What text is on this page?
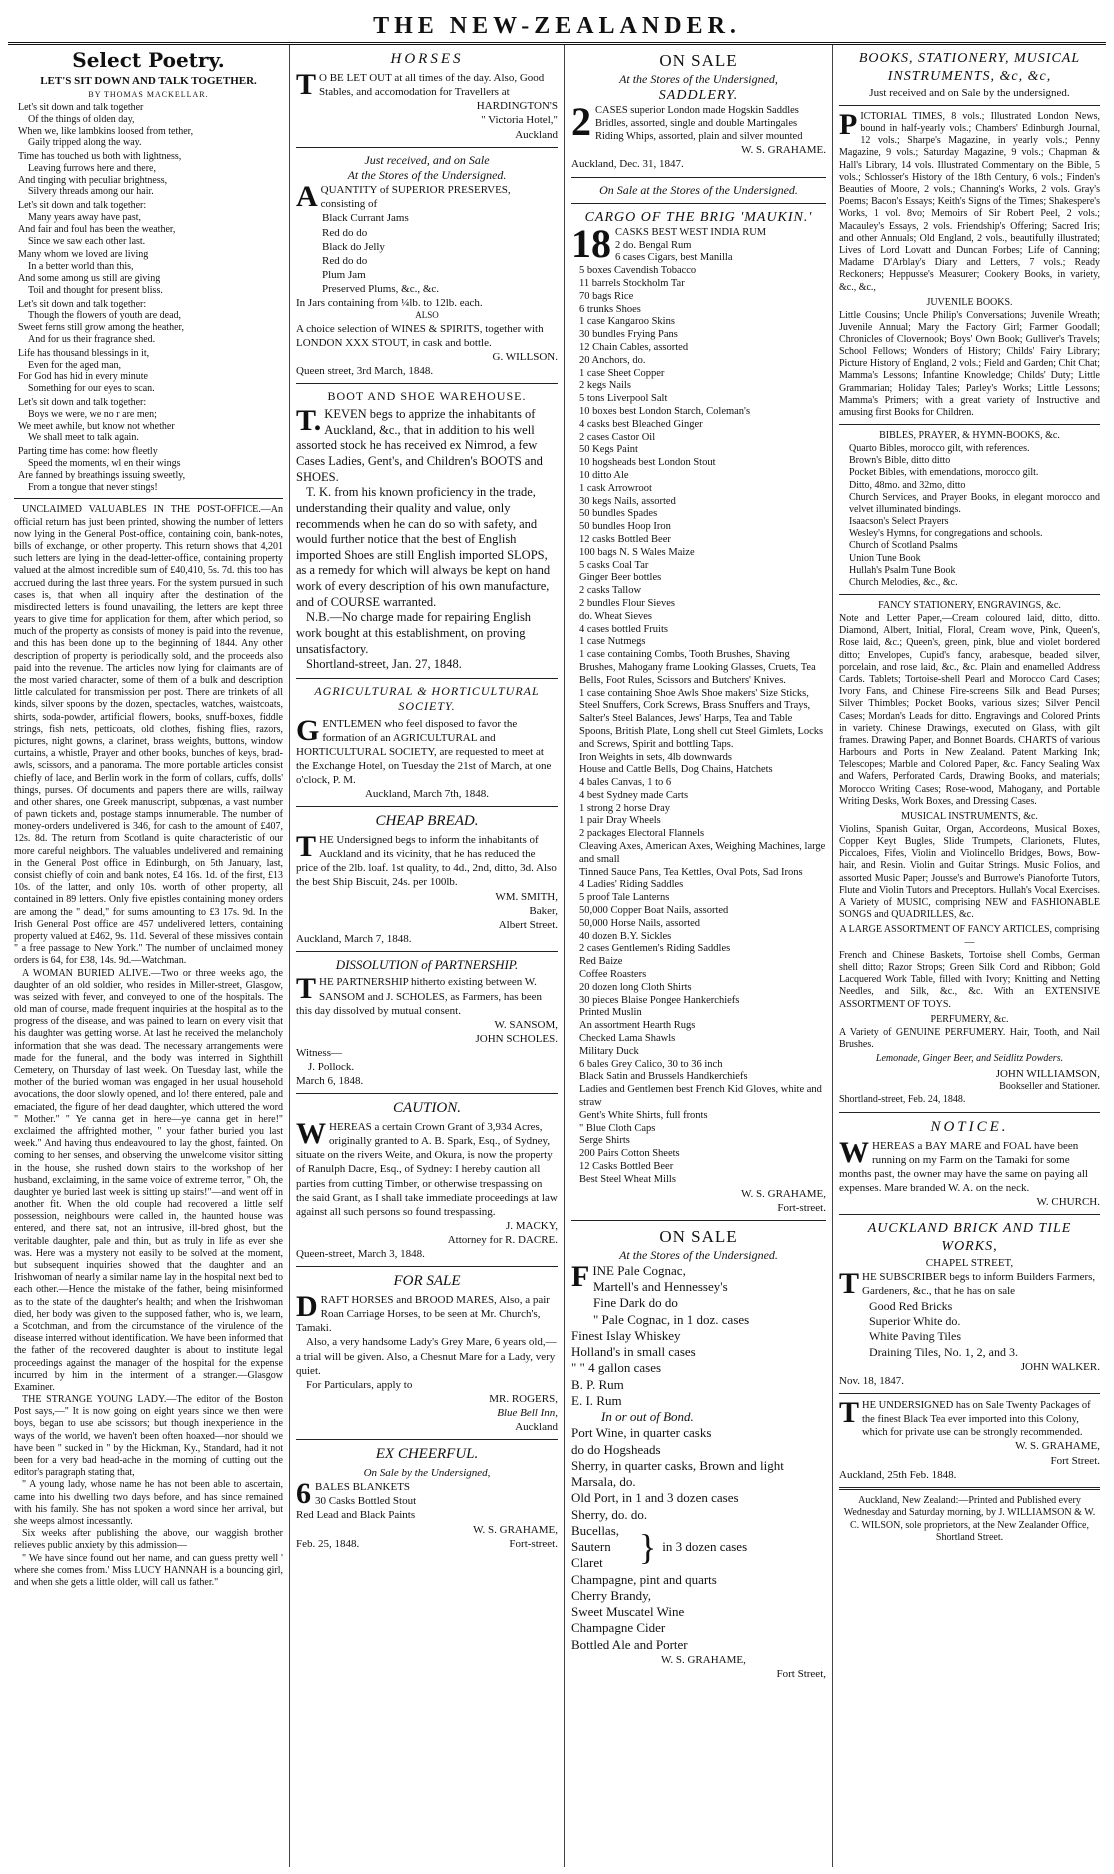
THE NEW-ZEALANDER.
Select Poetry.
LET'S SIT DOWN AND TALK TOGETHER.
BY THOMAS MACKELLAR.

Let's sit down and talk together

Of the things of olden day,

When we, like lambkins loosed from tether,

Gaily tripped along the way.

Time has touched us both with lightness,

Leaving furrows here and there,

And tinging with peculiar brightness,

Silvery threads among our hair.

Let's sit down and talk together:

Many years away have past,

And fair and foul has been the weather,

Since we saw each other last.

Many whom we loved are living

In a better world than this,

And some among us still are giving

Toil and thought for present bliss.

Let's sit down and talk together:

Though the flowers of youth are dead,

Sweet ferns still grow among the heather,

And for us their fragrance shed.

Life has thousand blessings in it,

Even for the aged man,

For God has hid in every minute

Something for our eyes to scan.

Let's sit down and talk together:

Boys we were, we no r are men;

We meet awhile, but know not whether

We shall meet to talk again.

Parting time has come: how fleetly

Speed the moments, wl en their wings

Are fanned by breathings issuing sweetly,

From a tongue that never stings!

UNCLAIMED VALUABLES IN THE POST-OFFICE.—An official return has just been printed, showing the number of letters now lying in the General Post-office, containing coin, bank-notes, bills of exchange, or other property. This return shows that 4,201 such letters are lying in the dead-letter-office, containing property valued at the almost incredible sum of £40,410, 5s. 7d. this too has accrued during the last three years. For the system pursued in such cases is, that when all inquiry after the destination of the misdirected letters is found unavailing, the letters are kept three years to give time for application for them, after which period, so much of the property as consists of money is paid into the revenue, and this has been done up to the beginning of 1844. Any other description of property is periodically sold, and the proceeds also paid into the revenue. The articles now lying for claimants are of the most varied character, some of them of a bulk and description little calculated for transmission per post. There are trinkets of all kinds, silver spoons by the dozen, spectacles, watches, waistcoats, shirts, soda-powder, artificial flowers, books, snuff-boxes, fiddle strings, fish nets, petticoats, old clothes, fishing flies, razors, pictures, night gowns, a clarinet, brass weights, buttons, window curtains, a whistle, Prayer and other books, bunches of keys, brad-awls, scissors, and a panorama. The more portable articles consist chiefly of lace, and Berlin work in the form of collars, cuffs, dolls' things, purses. Of documents and papers there are wills, railway and other shares, one Greek manuscript, subpœnas, a vast number of pawn tickets and, postage stamps innumerable. The number of money-orders undelivered is 346, for cash to the amount of £407, 12s. 8d. The return from Scotland is quite characteristic of our more careful neighbors. The valuables undelivered and remaining in the General Post office in Edinburgh, on 5th January, last, consist chiefly of coin and bank notes, £4 16s. 1d. of the first, £13 10s. of the latter, and only 10s. worth of other property, all contained in 89 letters. Only five epistles containing money orders are among the " dead," for sums amounting to £3 17s. 9d. In the Irish General Post office are 457 undelivered letters, containing property valued at £462, 9s. 11d. Several of these missives contain " a free passage to New York." The number of unclaimed money orders is 64, for £38, 14s. 9d.—Watchman.

A WOMAN BURIED ALIVE.—Two or three weeks ago, the daughter of an old soldier, who resides in Miller-street, Glasgow, was seized with fever, and conveyed to one of the hospitals. The old man of course, made frequent inquiries at the hospital as to the progress of the disease, and was pained to learn on every visit that his daughter was getting worse. At last he received the melancholy information that she was dead. The necessary arrangements were made for the funeral, and the body was interred in Sighthill Cemetery, on Thursday of last week. On Tuesday last, while the mother of the buried woman was engaged in her usual household avocations, the door slowly opened, and lo! there entered, pale and emaciated, the figure of her dead daughter, which uttered the word " Mother." " Ye canna get in here—ye canna get in here!" exclaimed the affrighted mother, " your father buried you last week." And having thus endeavoured to lay the ghost, fainted. On coming to her senses, and observing the unwelcome visitor sitting in the house, she rushed down stairs to the workshop of her husband, exclaiming, in the same voice of extreme terror, " Oh, the daughter ye buried last week is sitting up stairs!"—and went off in another fit. When the old couple had recovered a little self possession, neighbours were called in, the haunted house was entered, and there sat, not an intrusive, ill-bred ghost, but the veritable daughter, pale and thin, but as truly in life as ever she was. Here was a mystery not easily to be solved at the moment, but subsequent inquiries showed that the daughter and an Irishwoman of nearly a similar name lay in the hospital next bed to each other.—Hence the mistake of the father, being misinformed as to the state of the daughter's health; and when the Irishwoman died, her body was given to the supposed father, who is, we learn, a Scotchman, and from the circumstance of the virulence of the disease interred without identification. We have been informed that the father of the recovered daughter is about to institute legal proceedings against the manager of the hospital for the expense incurred by him in the interment of a stranger.—Glasgow Examiner.

THE STRANGE YOUNG LADY.—The editor of the Boston Post says,—" It is now going on eight years since we then were boys, began to use abe scissors; but though inexperience in the ways of the world, we haven't been often hoaxed—nor should we have been " sucked in " by the Hickman, Ky., Standard, had it not been for a very bad head-ache in the morning of cutting out the editor's paragraph stating that,

" A young lady, whose name he has not been able to ascertain, came into his dwelling two days before, and has since remained with his family. She has not spoken a word since her arrival, but she weeps almost incessantly.

Six weeks after publishing the above, our waggish brother relieves public anxiety by this admission—

" We have since found out her name, and can guess pretty well ' where she comes from.' Miss LUCY HANNAH is a bouncing girl, and when she gets a little older, will call us father."

HORSES

T O BE LET OUT at all times of the day. Also, Good Stables, and accomodation for Travellers at

HARDINGTON'S

" Victoria Hotel,"

Auckland

Just received, and on Sale
At the Stores of the Undersigned.

AQUANTITY of SUPERIOR PRESERVES, consisting of

Black Currant Jams

Red do do

Black do Jelly

Red do do

Plum Jam

Preserved Plums, &c., &c.

In Jars containing from ¼lb. to 12lb. each.

ALSO

A choice selection of WINES & SPIRITS, together with LONDON XXX STOUT, in cask and bottle.

G. WILLSON.

Queen street, 3rd March, 1848.

BOOT AND SHOE WAREHOUSE.

T. KEVEN begs to apprize the inhabitants of Auckland, &c., that in addition to his well assorted stock he has received ex Nimrod, a few Cases Ladies, Gent's, and Children's BOOTS and SHOES.

T. K. from his known proficiency in the trade, understanding their quality and value, only recommends when he can do so with safety, and would further notice that the best of English imported Shoes are still English imported SLOPS, as a remedy for which will always be kept on hand work of every description of his own manufacture, and of COURSE warranted.

N.B.—No charge made for repairing English work bought at this establishment, on proving unsatisfactory.

Shortland-street, Jan. 27, 1848.

AGRICULTURAL & HORTICULTURAL SOCIETY.

GENTLEMEN who feel disposed to favor the formation of an AGRICULTURAL and HORTICULTURAL SOCIETY, are requested to meet at the Exchange Hotel, on Tuesday the 21st of March, at one o'clock, P. M.

Auckland, March 7th, 1848.

CHEAP BREAD.

THE Undersigned begs to inform the inhabitants of Auckland and its vicinity, that he has reduced the price of the 2lb. loaf. 1st quality, to 4d., 2nd, ditto, 3d. Also the best Ship Biscuit, 24s. per 100lb.

WM. SMITH,

Baker,

Albert Street.

Auckland, March 7, 1848.

DISSOLUTION of PARTNERSHIP.

THE PARTNERSHIP hitherto existing between W. SANSOM and J. SCHOLES, as Farmers, has been this day dissolved by mutual consent.

W. SANSOM,

JOHN SCHOLES.

Witness—

J. Pollock.

March 6, 1848.

CAUTION.

WHEREAS a certain Crown Grant of 3,934 Acres, originally granted to A. B. Spark, Esq., of Sydney, situate on the rivers Weite, and Okura, is now the property of Ranulph Dacre, Esq., of Sydney: I hereby caution all parties from cutting Timber, or otherwise trespassing on the said Grant, as I shall take immediate proceedings at law against all such persons so found trespassing.

J. MACKY,

Attorney for R. DACRE.

Queen-street, March 3, 1848.

FOR SALE

DRAFT HORSES and BROOD MARES, Also, a pair Roan Carriage Horses, to be seen at Mr. Church's, Tamaki.

Also, a very handsome Lady's Grey Mare, 6 years old,—a trial will be given. Also, a Chesnut Mare for a Lady, very quiet.

For Particulars, apply to

MR. ROGERS,

Blue Bell Inn,

Auckland

EX CHEERFUL.
On Sale by the Undersigned,

6 BALES BLANKETS

30 Casks Bottled Stout

Red Lead and Black Paints

W. S. GRAHAME,

Feb. 25, 1848.	Fort-street.

ON SALE
At the Stores of the Undersigned,
SADDLERY.

2 CASES superior London made Hogskin Saddles

Bridles, assorted, single and double Martingales

Riding Whips, assorted, plain and silver mounted

W. S. GRAHAME.

Auckland, Dec. 31, 1847.

On Sale at the Stores of the Undersigned.
CARGO OF THE BRIG 'MAUKIN.'
18 CASKS BEST WEST INDIA RUM

2 do. Bengal Rum

6 cases Cigars, best Manilla

5 boxes Cavendish Tobacco

11 barrels Stockholm Tar

70 bags Rice

6 trunks Shoes

1 case Kangaroo Skins

30 bundles Frying Pans

12 Chain Cables, assorted

20 Anchors, do.

1 case Sheet Copper

2 kegs Nails

5 tons Liverpool Salt

10 boxes best London Starch, Coleman's

4 casks best Bleached Ginger

2 cases Castor Oil

50 Kegs Paint

10 hogsheads best London Stout

10 ditto Ale

1 cask Arrowroot

30 kegs Nails, assorted

50 bundles Spades

50 bundles Hoop Iron

12 casks Bottled Beer

100 bags N. S Wales Maize

5 casks Coal Tar

Ginger Beer bottles

2 casks Tallow

2 bundles Flour Sieves

do. Wheat Sieves

4 cases bottled Fruits

1 case Nutmegs

1 case containing Combs, Tooth Brushes, Shaving Brushes, Mahogany frame Looking Glasses, Cruets, Tea Bells, Foot Rules, Scissors and Butchers' Knives.

1 case containing Shoe Awls Shoe makers' Size Sticks, Steel Snuffers, Cork Screws, Brass Snuffers and Trays, Salter's Steel Balances, Jews' Harps, Tea and Table Spoons, British Plate, Long shell cut Steel Gimlets, Locks and Screws, Spirit and bottling Taps.

Iron Weights in sets, 4lb downwards

House and Cattle Bells, Dog Chains, Hatchets

4 bales Canvas, 1 to 6

4 best Sydney made Carts

1 strong 2 horse Dray

1 pair Dray Wheels

2 packages Electoral Flannels

Cleaving Axes, American Axes, Weighing Machines, large and small

Tinned Sauce Pans, Tea Kettles, Oval Pots, Sad Irons

4 Ladies' Riding Saddles

5 proof Tale Lanterns

50,000 Copper Boat Nails, assorted

50,000 Horse Nails, assorted

40 dozen B.Y. Sickles

2 cases Gentlemen's Riding Saddles

Red Baize

Coffee Roasters

20 dozen long Cloth Shirts

30 pieces Blaise Pongee Hankerchiefs

Printed Muslin

An assortment Hearth Rugs

Checked Lama Shawls

Military Duck

6 bales Grey Calico, 30 to 36 inch

Black Satin and Brussels Handkerchiefs

Ladies and Gentlemen best French Kid Gloves, white and straw

Gent's White Shirts, full fronts

" Blue Cloth Caps

Serge Shirts

200 Pairs Cotton Sheets

12 Casks Bottled Beer

Best Steel Wheat Mills

W. S. GRAHAME,

Fort-street.

ON SALE
At the Stores of the Undersigned.

FINE Pale Cognac,

Martell's and Hennessey's

Fine Dark do do

" Pale Cognac, in 1 doz. cases

Finest Islay Whiskey

Holland's in small cases

" " 4 gallon cases

B. P. Rum

E. I. Rum

In or out of Bond.

Port Wine, in quarter casks

do do Hogsheads

Sherry, in quarter casks, Brown and light

Marsala, do.

Old Port, in 1 and 3 dozen cases

Sherry, do. do.

Bucellas,

Sautern

Claret	} in 3 dozen cases

Champagne, pint and quarts

Cherry Brandy,

Sweet Muscatel Wine

Champagne Cider

Bottled Ale and Porter

W. S. GRAHAME,

Fort Street,

BOOKS, STATIONERY, MUSICAL INSTRUMENTS, &c, &c,
Just received and on Sale by the undersigned.

PICTORIAL TIMES, 8 vols.; Illustrated London News, bound in half-yearly vols.; Chambers' Edinburgh Journal, 12 vols.; Sharpe's Magazine, in yearly vols.; Penny Magazine, 9 vols.; Saturday Magazine, 9 vols.; Chapman & Hall's Library, 14 vols. Illustrated Commentary on the Bible, 5 vols.; Schlosser's History of the 18th Century, 6 vols.; Finden's Beauties of Moore, 2 vols.; Channing's Works, 2 vols. Gray's Poems; Bacon's Essays; Keith's Signs of the Times; Shakespere's Works, 1 vol. 8vo; Memoirs of Sir Robert Peel, 2 vols.; Macauley's Essays, 2 vols. Friendship's Offering; Sacred Iris; and other Annuals; Old England, 2 vols., beautifully illustrated; Lives of Lord Lovatt and Duncan Forbes; Life of Canning; Madame D'Arblay's Diary and Letters, 7 vols.; Ready Reckoners; Heppusse's Measurer; Cookery Books, in variety, &c., &c.,

JUVENILE BOOKS.

Little Cousins; Uncle Philip's Conversations; Juvenile Wreath; Juvenile Annual; Mary the Factory Girl; Farmer Goodall; Chronicles of Clovernook; Boys' Own Book; Gulliver's Travels; School Fellows; Wonders of History; Childs' Fairy Library; Picture History of England, 2 vols.; Field and Garden; Chit Chat; Mamma's Lessons; Infantine Knowledge; Childs' Duty; Little Grammarian; Holiday Tales; Parley's Works; Little Lessons; Mamma's Primers; with a great variety of Instructive and amusing first Books for Children.

BIBLES, PRAYER, & HYMN-BOOKS, &c.

Quarto Bibles, morocco gilt, with references.

Brown's Bible, ditto ditto

Pocket Bibles, with emendations, morocco gilt.

Ditto, 48mo. and 32mo, ditto

Church Services, and Prayer Books, in elegant morocco and velvet illuminated bindings.

Isaacson's Select Prayers

Wesley's Hymns, for congregations and schools.

Church of Scotland Psalms

Union Tune Book

Hullah's Psalm Tune Book

Church Melodies, &c., &c.

FANCY STATIONERY, ENGRAVINGS, &c.

Note and Letter Paper,—Cream coloured laid, ditto, ditto. Diamond, Albert, Initial, Floral, Cream wove, Pink, Queen's, Rose laid, &c.; Queen's, green, pink, blue and violet bordered ditto; Envelopes, Cupid's fancy, arabesque, beaded silver, porcelain, and rose laid, &c., &c. Plain and enamelled Address Cards. Tablets; Tortoise-shell Pearl and Morocco Card Cases; Ivory Fans, and Chinese Fire-screens Silk and Bead Purses; Silver Thimbles; Pocket Books, various sizes; Silver Pencil Cases; Mordan's Leads for ditto. Engravings and Colored Prints in variety. Chinese Drawings, executed on Glass, with gilt frames. Drawing Paper, and Bonnet Boards. CHARTS of various Harbours and Ports in New Zealand. Patent Marking Ink; Telescopes; Marble and Colored Paper, &c. Fancy Sealing Wax and Wafers, Perforated Cards, Drawing Books, and materials; Morocco Writing Cases; Rose-wood, Mahogany, and Portable Writing Desks, Work Boxes, and Dressing Cases.

MUSICAL INSTRUMENTS, &c.

Violins, Spanish Guitar, Organ, Accordeons, Musical Boxes, Copper Keyt Bugles, Slide Trumpets, Clarionets, Flutes, Piccaloes, Fifes, Violin and Violincello Bridges, Bows, Bow-hair, and Resin. Violin and Guitar Strings. Music Folios, and assorted Music Paper; Jousse's and Burrowe's Pianoforte Tutors, Flute and Violin Tutors and Preceptors. Hullah's Vocal Exercises. A Variety of MUSIC, comprising NEW and FASHIONABLE SONGS and QUADRILLES, &c.

A LARGE ASSORTMENT OF FANCY ARTICLES, comprising—

French and Chinese Baskets, Tortoise shell Combs, German shell ditto; Razor Strops; Green Silk Cord and Ribbon; Gold Lacquered Work Table, filled with Ivory; Knitting and Netting Needles, and Silk, &c., &c. With an EXTENSIVE ASSORTMENT OF TOYS.

PERFUMERY, &c.

A Variety of GENUINE PERFUMERY. Hair, Tooth, and Nail Brushes.

Lemonade, Ginger Beer, and Seidlitz Powders.

JOHN WILLIAMSON,

Bookseller and Stationer.

Shortland-street, Feb. 24, 1848.

NOTICE.

WHEREAS a BAY MARE and FOAL have been running on my Farm on the Tamaki for some months past, the owner may have the same on paying all expenses. Mare branded W. A. on the neck.

W. CHURCH.

AUCKLAND BRICK AND TILE WORKS,
CHAPEL STREET,

THE SUBSCRIBER begs to inform Builders Farmers, Gardeners, &c., that he has on sale

Good Red Bricks

Superior White do.

White Paving Tiles

Draining Tiles, No. 1, 2, and 3.

JOHN WALKER.

Nov. 18, 1847.

THE UNDERSIGNED has on Sale Twenty Packages of the finest Black Tea ever imported into this Colony, which for private use can be strongly recommended.

W. S. GRAHAME,

Fort Street.

Auckland, 25th Feb. 1848.

Auckland, New Zealand:—Printed and Published every Wednesday and Saturday morning, by J. WILLIAMSON & W. C. WILSON, sole proprietors, at the New Zealander Office, Shortland Street.
